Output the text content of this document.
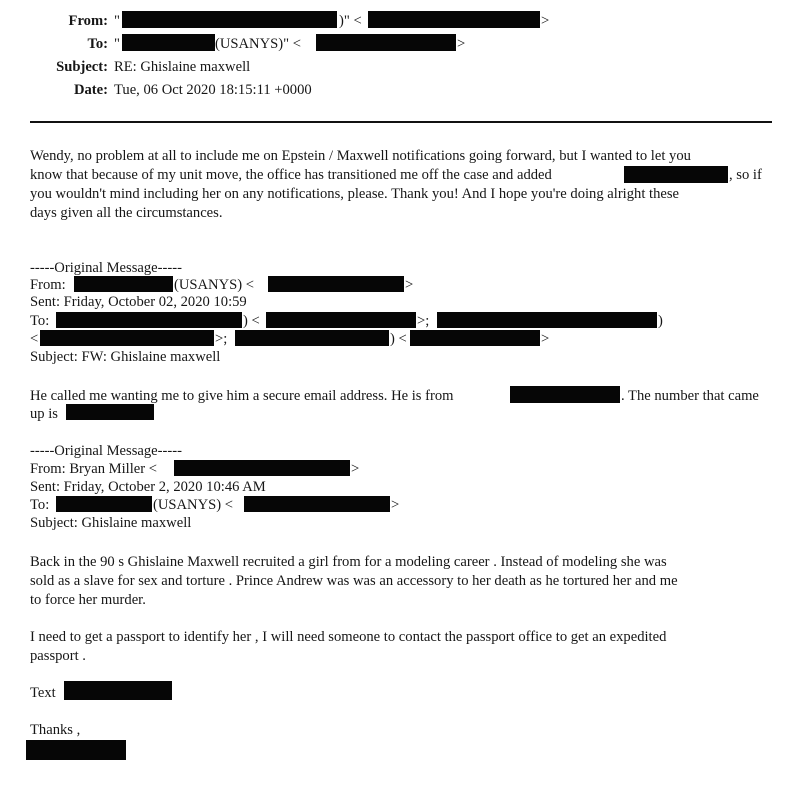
From: "	)" <	>
To: "	(USANYS)" <	>
Subject: RE: Ghislaine maxwell
Date: Tue, 06 Oct 2020 18:15:11 +0000
Wendy, no problem at all to include me on Epstein / Maxwell notifications going forward, but I wanted to let you
know that because of my unit move, the office has transitioned me off the case and added	, so if
you wouldn't mind including her on any notifications, please. Thank you! And I hope you're doing alright these
days given all the circumstances.
-----Original Message-----
From:	(USANYS) <	>
Sent: Friday, October 02, 2020 10:59
To:	) <	>;	)
<	>;	) <	>
Subject: FW: Ghislaine maxwell
He called me wanting me to give him a secure email address. He is from	. The number that came
up is
-----Original Message-----
From: Bryan Miller <	>
Sent: Friday, October 2, 2020 10:46 AM
To:	(USANYS) <	>
Subject: Ghislaine maxwell
Back in the 90 s Ghislaine Maxwell recruited a girl from for a modeling career . Instead of modeling she was
sold as a slave for sex and torture . Prince Andrew was was an accessory to her death as he tortured her and me
to force her murder.
I need to get a passport to identify her , I will need someone to contact the passport office to get an expedited
passport .
Text
Thanks ,
